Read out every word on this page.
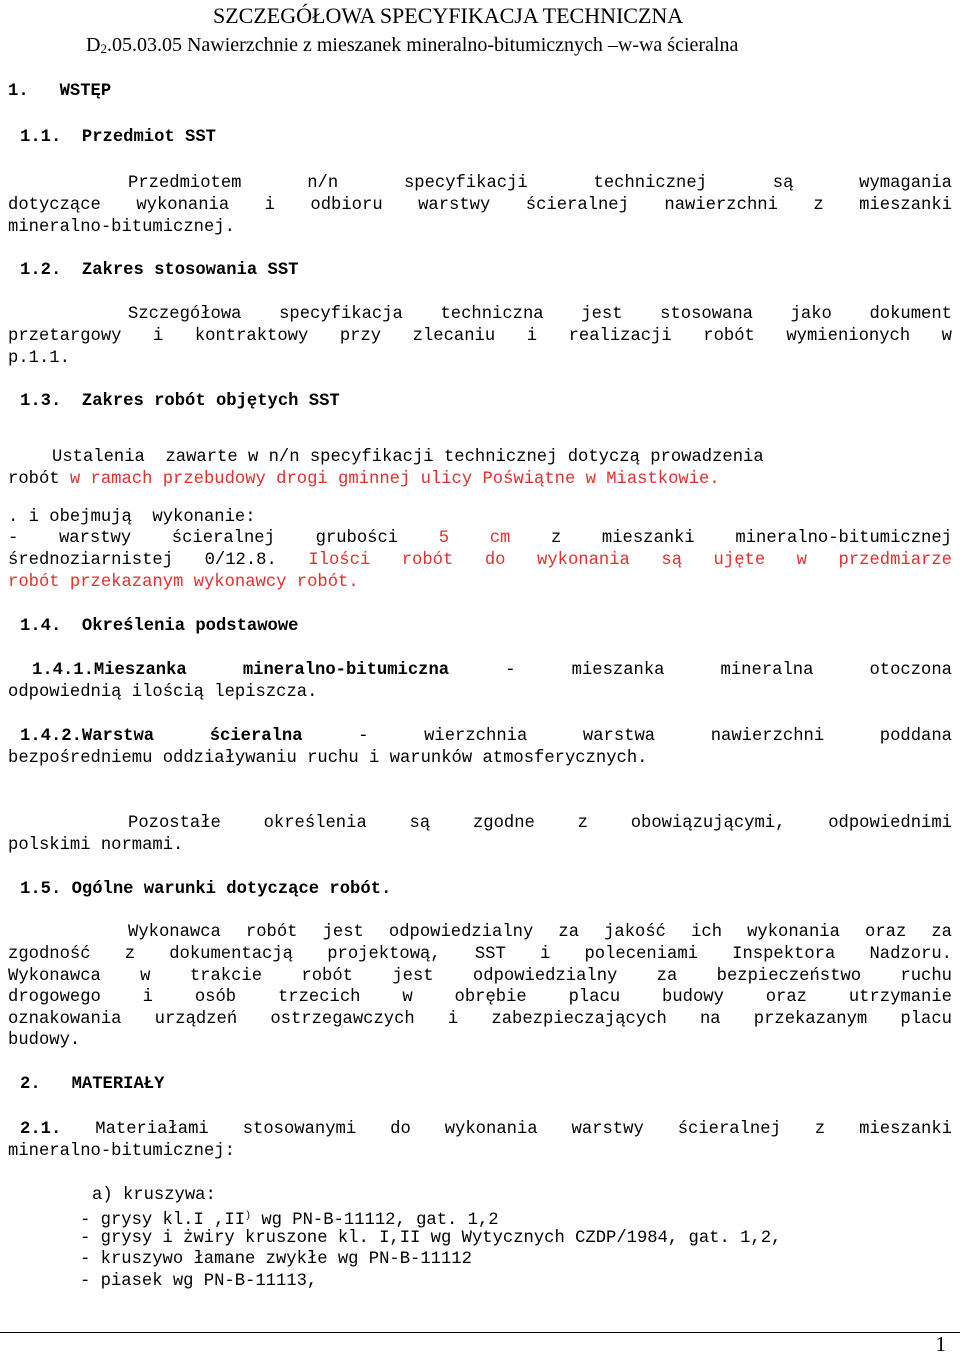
SZCZEGÓŁOWA SPECYFIKACJA TECHNICZNA
$D_2.05.03.05$ Nawierzchnie z mieszanek mineralno-bitumicznych –w-wa ścieralna
1.   WSTĘP
1.1.  Przedmiot SST
Przedmiotem n/n specyfikacji technicznej są wymagania
dotyczące wykonania i odbioru warstwy ścieralnej nawierzchni z mieszanki
mineralno-bitumicznej.
1.2.  Zakres stosowania SST
Szczegółowa specyfikacja techniczna jest stosowana jako dokument
przetargowy i kontraktowy przy zlecaniu i realizacji robót wymienionych w
p.1.1.
1.3.  Zakres robót objętych SST
Ustalenia  zawarte w n/n specyfikacji technicznej dotyczą prowadzenia
robót w ramach przebudowy drogi gminnej ulicy Poświątne w Miastkowie.
. i obejmują  wykonanie:
- warstwy ścieralnej grubości 5 cm z mieszanki mineralno-bitumicznej
średnoziarnistej 0/12.8. Ilości robót do wykonania są ujęte w przedmiarze
robót przekazanym wykonawcy robót.
1.4.  Określenia podstawowe
1.4.1.Mieszanka mineralno-bitumiczna - mieszanka mineralna otoczona
odpowiednią ilością lepiszcza.
1.4.2.Warstwa ścieralna - wierzchnia warstwa nawierzchni poddana
bezpośredniemu oddziaływaniu ruchu i warunków atmosferycznych.
Pozostałe określenia są zgodne z obowiązującymi, odpowiednimi
polskimi normami.
1.5. Ogólne warunki dotyczące robót.
Wykonawca robót jest odpowiedzialny za jakość ich wykonania oraz za
zgodność z dokumentacją projektową, SST i poleceniami Inspektora Nadzoru.
Wykonawca w trakcie robót jest odpowiedzialny za bezpieczeństwo ruchu
drogowego i osób trzecich w obrębie placu budowy oraz utrzymanie
oznakowania urządzeń ostrzegawczych i zabezpieczających na przekazanym placu
budowy.
2.   MATERIAŁY
2.1. Materiałami stosowanymi do wykonania warstwy ścieralnej z mieszanki
mineralno-bitumicznej:
a) kruszywa:
- grysy kl.I ,II) wg PN-B-11112, gat. 1,2
- grysy i żwiry kruszone kl. I,II wg Wytycznych CZDP/1984, gat. 1,2,
- kruszywo łamane zwykłe wg PN-B-11112
- piasek wg PN-B-11113,
1
